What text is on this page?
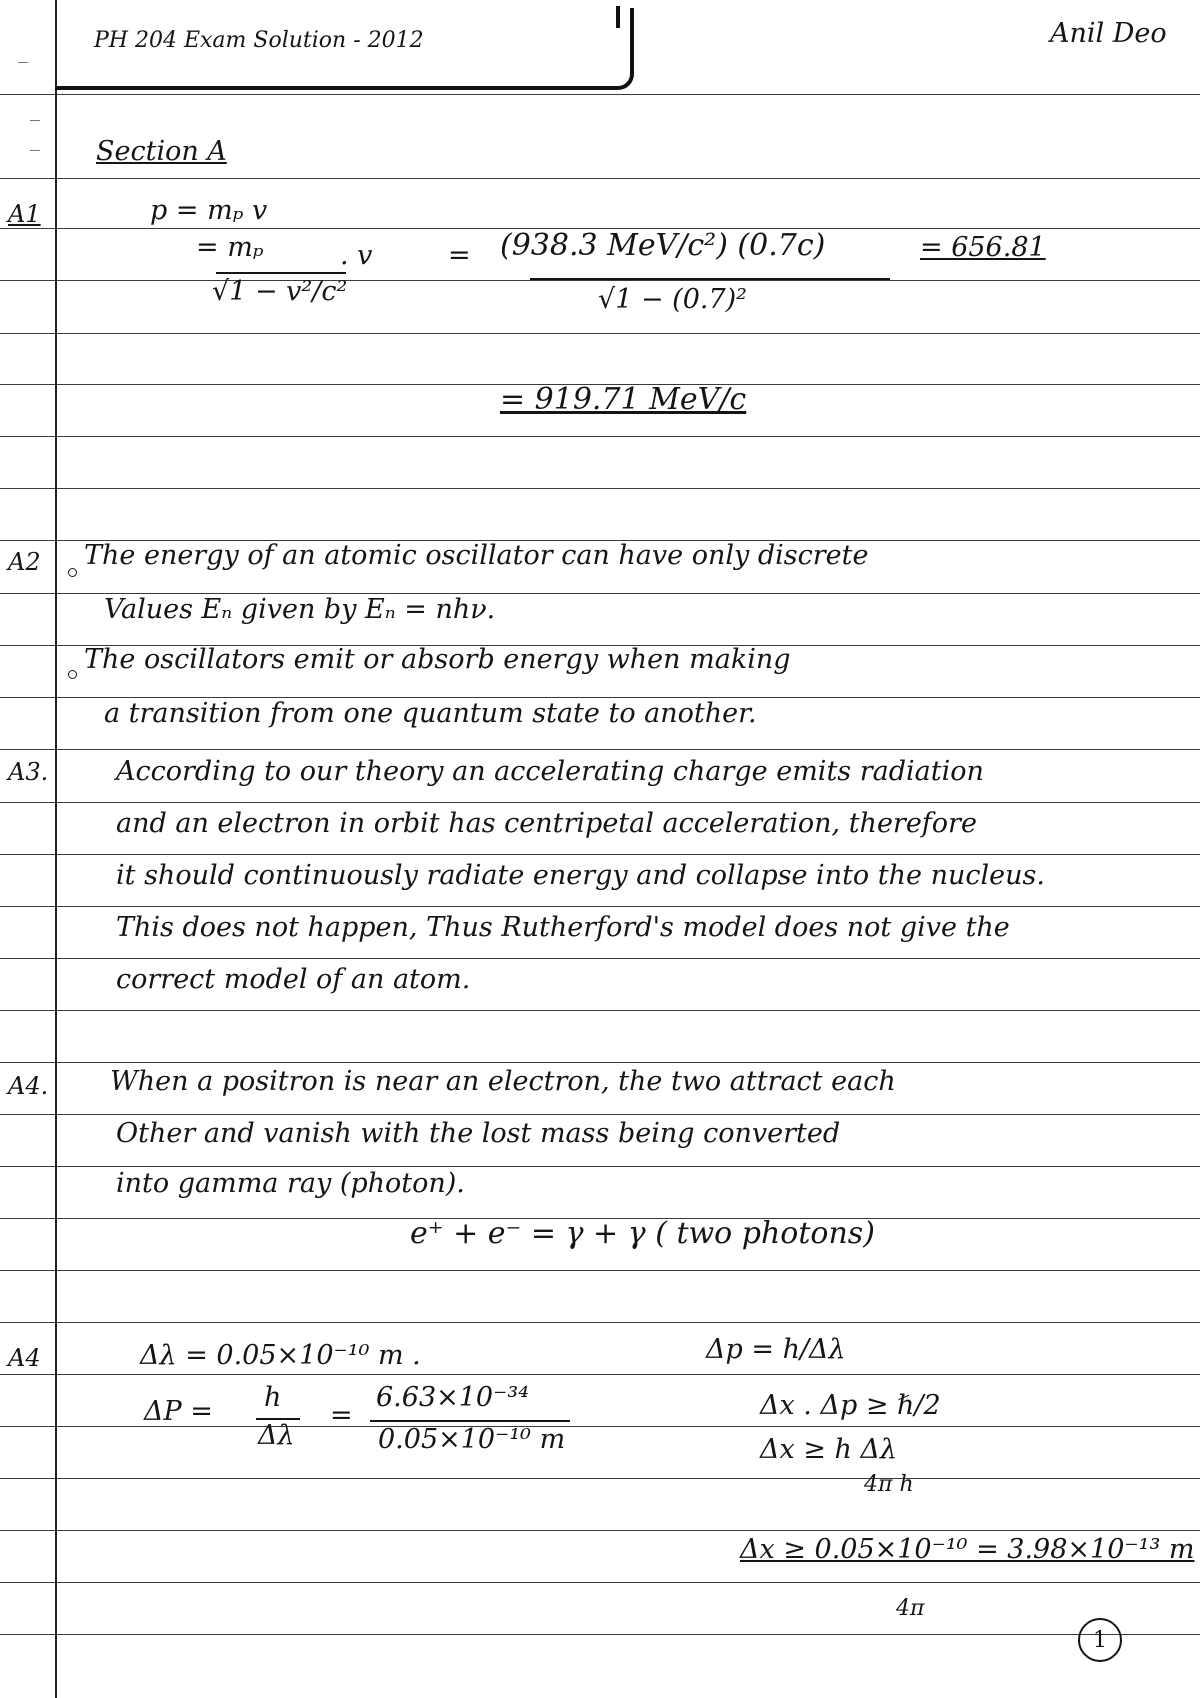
PH 204 Exam Solution - 2012	Anil Deo
Section A
A1	p = mₚ v
= mₚ
√1 − v²/c²
. v	= (938.3 MeV/c²) (0.7c)
√1 − (0.7)²
= 656.81
= 919.71 MeV/c
A2 The energy of an atomic oscillator can have only discrete
Values Eₙ given by Eₙ = nhν.
The oscillators emit or absorb energy when making
a transition from one quantum state to another.
A3.	According to our theory an accelerating charge emits radiation
and an electron in orbit has centripetal acceleration, therefore
it should continuously radiate energy and collapse into the nucleus.
This does not happen, Thus Rutherford's model does not give the
correct model of an atom.
A4. When a positron is near an electron, the two attract each
Other and vanish with the lost mass being converted
into gamma ray (photon).
e⁺ + e⁻ = γ + γ ( two photons)
A4	Δλ = 0.05×10⁻¹⁰ m .
ΔP = h
Δλ
=
6.63×10⁻³⁴
0.05×10⁻¹⁰ m
Δp = h/Δλ
Δx . Δp ≥ ℏ/2
Δx ≥ h Δλ
4π h
Δx ≥ 0.05×10⁻¹⁰ = 3.98×10⁻¹³ m
4π
1
